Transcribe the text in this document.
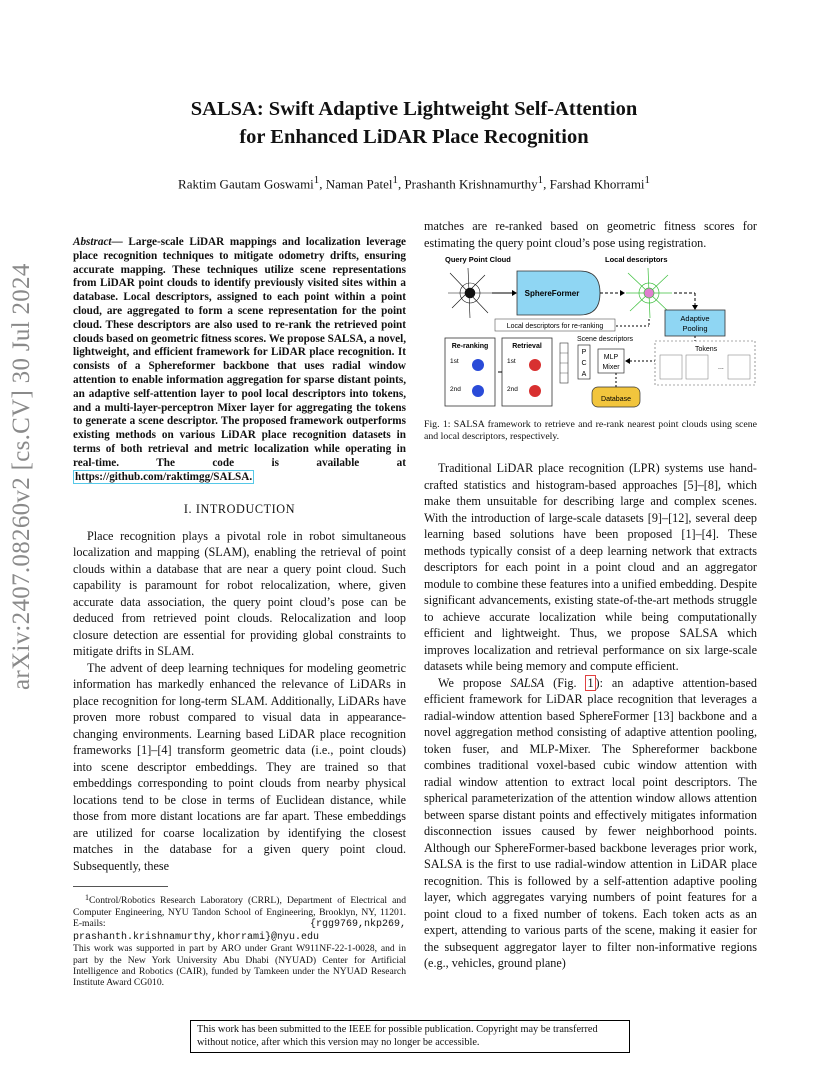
arXiv:2407.08260v2 [cs.CV] 30 Jul 2024
SALSA: Swift Adaptive Lightweight Self-Attention
for Enhanced LiDAR Place Recognition
Raktim Gautam Goswami$^1$, Naman Patel$^1$, Prashanth Krishnamurthy$^1$, Farshad Khorrami$^1$
Abstract— Large-scale LiDAR mappings and localization leverage place recognition techniques to mitigate odometry drifts, ensuring accurate mapping. These techniques utilize scene representations from LiDAR point clouds to identify previously visited sites within a database. Local descriptors, assigned to each point within a point cloud, are aggregated to form a scene representation for the point cloud. These descriptors are also used to re-rank the retrieved point clouds based on geometric fitness scores. We propose SALSA, a novel, lightweight, and efficient framework for LiDAR place recognition. It consists of a Sphereformer backbone that uses radial window attention to enable information aggregation for sparse distant points, an adaptive self-attention layer to pool local descriptors into tokens, and a multi-layer-perceptron Mixer layer for aggregating the tokens to generate a scene descriptor. The proposed framework outperforms existing methods on various LiDAR place recognition datasets in terms of both retrieval and metric localization while operating in real-time. The code is available at https://github.com/raktimgg/SALSA.
I. INTRODUCTION

Place recognition plays a pivotal role in robot simultaneous localization and mapping (SLAM), enabling the retrieval of point clouds within a database that are near a query point cloud. Such capability is paramount for robot relocalization, where, given accurate data association, the query point cloud’s pose can be deduced from retrieved point clouds. Relocalization and loop closure detection are essential for providing global constraints to mitigate drifts in SLAM.

The advent of deep learning techniques for modeling geometric information has markedly enhanced the relevance of LiDARs in place recognition for long-term SLAM. Additionally, LiDARs have proven more robust compared to visual data in appearance-changing environments. Learning based LiDAR place recognition frameworks [1]–[4] transform geometric data (i.e., point clouds) into scene descriptor embeddings. They are trained so that embeddings corresponding to point clouds from nearby physical locations tend to be close in terms of Euclidean distance, while those from more distant locations are far apart. These embeddings are utilized for coarse localization by identifying the closest matches in the database for a given query point cloud. Subsequently, these

$^1$Control/Robotics Research Laboratory (CRRL), Department of Electrical and Computer Engineering, NYU Tandon School of Engineering, Brooklyn, NY, 11201. E-mails:	{rgg9769,nkp269, prashanth.krishnamurthy,khorrami}@nyu.edu
This work was supported in part by ARO under Grant W911NF-22-1-0028, and in part by the New York University Abu Dhabi (NYUAD) Center for Artificial Intelligence and Robotics (CAIR), funded by Tamkeen under the NYUAD Research Institute Award CG010.

matches are re-ranked based on geometric fitness scores for estimating the query point cloud’s pose using registration.

Query Point Cloud
SphereFormer
Local descriptors
Adaptive
Pooling
Local descriptors for re-ranking
Scene descriptors
Re-ranking
1st
2nd
Retrieval
1st
2nd
P
C
A
MLP
Mixer
Tokens
...
Database
Fig. 1: SALSA framework to retrieve and re-rank nearest point clouds using scene and local descriptors, respectively.

Traditional LiDAR place recognition (LPR) systems use hand-crafted statistics and histogram-based approaches [5]–[8], which make them unsuitable for describing large and complex scenes. With the introduction of large-scale datasets [9]–[12], several deep learning based solutions have been proposed [1]–[4]. These methods typically consist of a deep learning network that extracts descriptors for each point in a point cloud and an aggregator module to combine these features into a unified embedding. Despite significant advancements, existing state-of-the-art methods struggle to achieve accurate localization while being computationally efficient and lightweight. Thus, we propose SALSA which improves localization and retrieval performance on six large-scale datasets while being memory and compute efficient.

We propose SALSA (Fig. 1 ): an adaptive attention-based efficient framework for LiDAR place recognition that leverages a radial-window attention based SphereFormer [13] backbone and a novel aggregation method consisting of adaptive attention pooling, token fuser, and MLP-Mixer. The Sphereformer backbone combines traditional voxel-based cubic window attention with radial window attention to extract local point descriptors. The spherical parameterization of the attention window allows attention between sparse distant points and effectively mitigates information disconnection issues caused by fewer neighborhood points. Although our SphereFormer-based backbone leverages prior work, SALSA is the first to use radial-window attention in LiDAR place recognition. This is followed by a self-attention adaptive pooling layer, which aggregates varying numbers of point features for a point cloud to a fixed number of tokens. Each token acts as an expert, attending to various parts of the scene, making it easier for the subsequent aggregator layer to filter non-informative regions (e.g., vehicles, ground plane)

This work has been submitted to the IEEE for possible publication. Copyright may be transferred without notice, after which this version may no longer be accessible.
